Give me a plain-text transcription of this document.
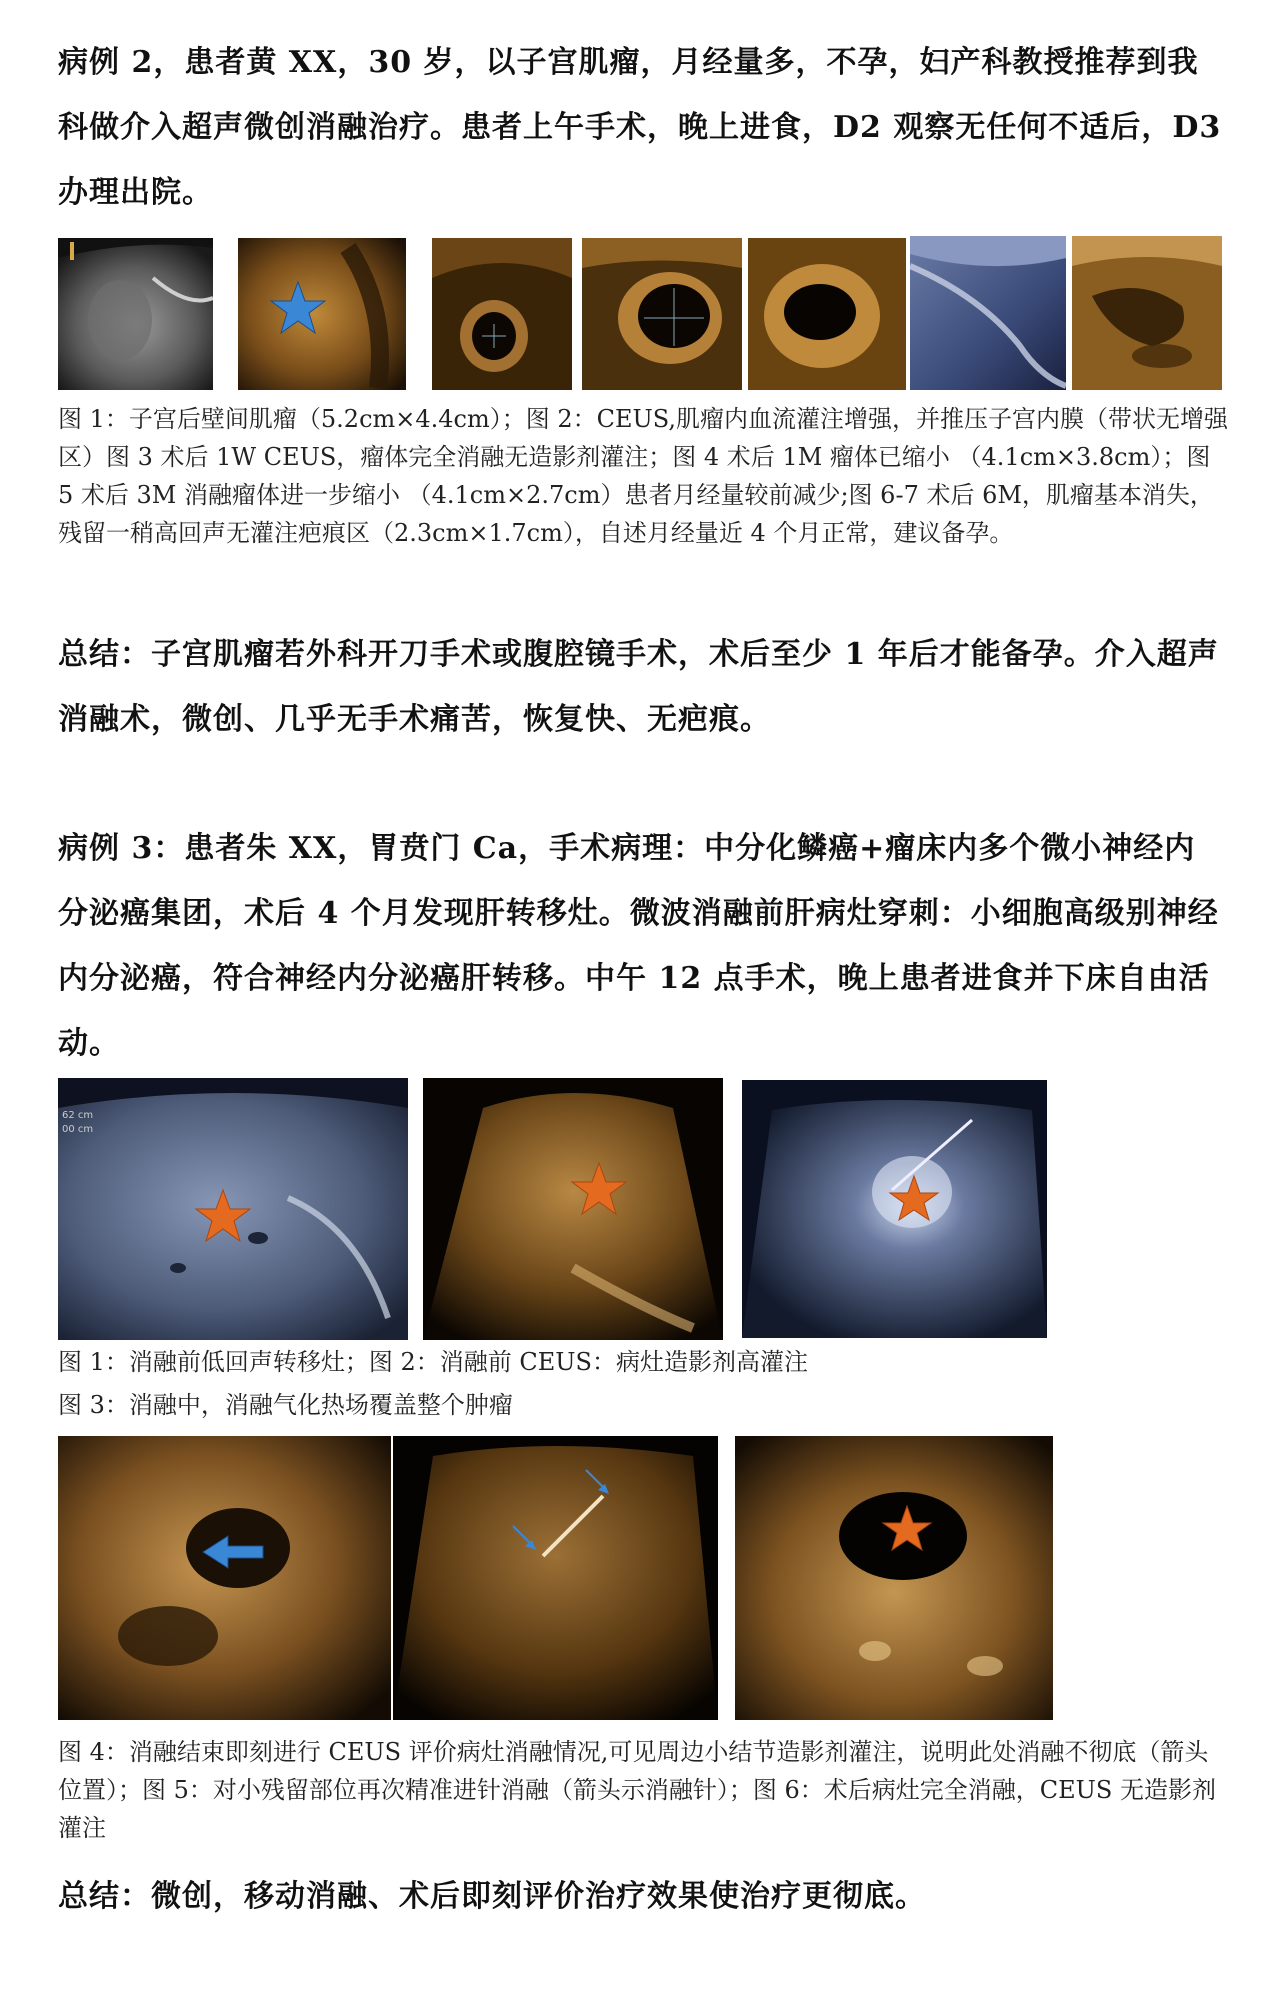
病例 2，患者黄 XX，30 岁，以子宫肌瘤，月经量多，不孕，妇产科教授推荐到我科做介入超声微创消融治疗。患者上午手术，晚上进食，D2 观察无任何不适后，D3 办理出院。

图 1：子宫后壁间肌瘤（5.2cm×4.4cm）；图 2：CEUS,肌瘤内血流灌注增强，并推压子宫内膜（带状无增强区）图 3 术后 1W CEUS，瘤体完全消融无造影剂灌注；图 4 术后 1M 瘤体已缩小 （4.1cm×3.8cm）；图 5 术后 3M 消融瘤体进一步缩小 （4.1cm×2.7cm）患者月经量较前减少;图 6-7 术后 6M，肌瘤基本消失，残留一稍高回声无灌注疤痕区（2.3cm×1.7cm），自述月经量近 4 个月正常，建议备孕。

总结：子宫肌瘤若外科开刀手术或腹腔镜手术，术后至少 1 年后才能备孕。介入超声消融术，微创、几乎无手术痛苦，恢复快、无疤痕。

病例 3：患者朱 XX，胃贲门 Ca，手术病理：中分化鳞癌+瘤床内多个微小神经内分泌癌集团，术后 4 个月发现肝转移灶。微波消融前肝病灶穿刺：小细胞高级别神经内分泌癌，符合神经内分泌癌肝转移。中午 12 点手术，晚上患者进食并下床自由活动。

62 cm
00 cm

图 1：消融前低回声转移灶；图 2：消融前 CEUS：病灶造影剂高灌注

图 3：消融中，消融气化热场覆盖整个肿瘤

图 4：消融结束即刻进行 CEUS 评价病灶消融情况,可见周边小结节造影剂灌注，说明此处消融不彻底（箭头位置）；图 5：对小残留部位再次精准进针消融（箭头示消融针）；图 6：术后病灶完全消融，CEUS 无造影剂灌注

总结：微创，移动消融、术后即刻评价治疗效果使治疗更彻底。
